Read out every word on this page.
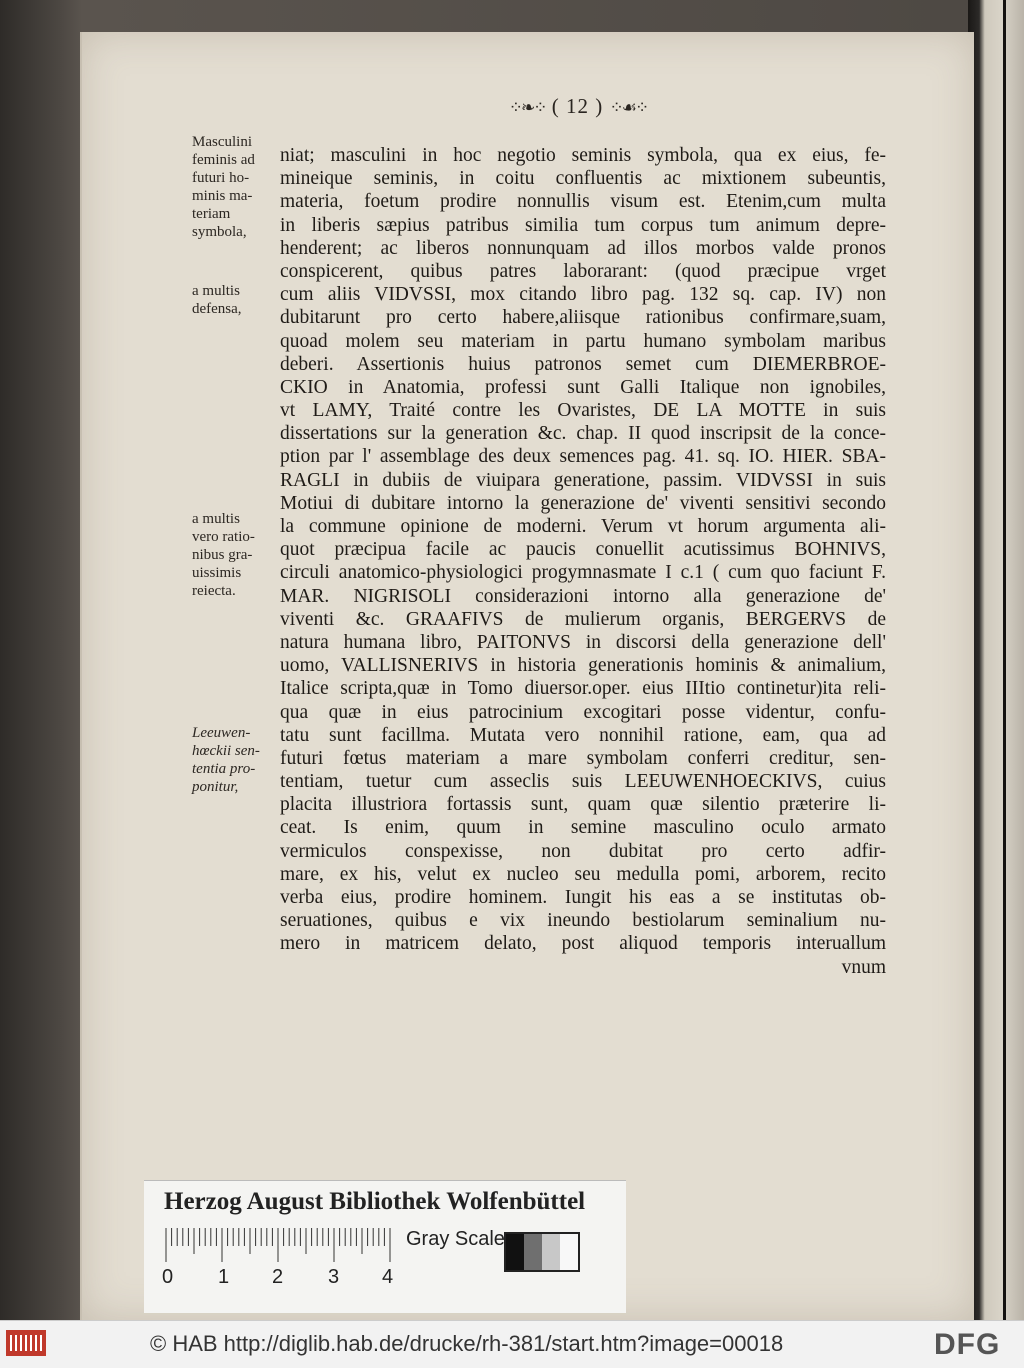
⁘❧⁘ ( 12 ) ⁘☙⁘
Masculini
feminis ad
futuri ho-
minis ma-
teriam
symbola,
a multis
defensa,
a multis
vero ratio-
nibus gra-
uissimis
reiecta.
Leeuwen-
hœckii sen-
tentia pro-
ponitur,
niat; masculini in hoc negotio seminis symbola, qua ex eius, fe-
mineique seminis, in coitu confluentis ac mixtionem subeuntis,
materia, foetum prodire nonnullis visum est. Etenim,cum multa
in liberis sæpius patribus similia tum corpus tum animum depre-
henderent; ac liberos nonnunquam ad illos morbos valde pronos
conspicerent, quibus patres laborarant: (quod præcipue vrget
cum aliis VIDVSSI, mox citando libro pag. 132 sq. cap. IV) non
dubitarunt pro certo habere,aliisque rationibus confirmare,suam,
quoad molem seu materiam in partu humano symbolam maribus
deberi. Assertionis huius patronos semet cum DIEMERBROE-
CKIO in Anatomia, professi sunt Galli Italique non ignobiles,
vt LAMY, Traité contre les Ovaristes, DE LA MOTTE in suis
dissertations sur la generation &c. chap. II quod inscripsit de la conce-
ption par l' assemblage des deux semences pag. 41. sq. IO. HIER. SBA-
RAGLI in dubiis de viuipara generatione, passim. VIDVSSI in suis
Motiui di dubitare intorno la generazione de' viventi sensitivi secondo
la commune opinione de moderni. Verum vt horum argumenta ali-
quot præcipua facile ac paucis conuellit acutissimus BOHNIVS,
circuli anatomico-physiologici progymnasmate I c.1 ( cum quo faciunt F.
MAR. NIGRISOLI considerazioni intorno alla generazione de'
viventi &c. GRAAFIVS de mulierum organis, BERGERVS de
natura humana libro, PAITONVS in discorsi della generazione dell'
uomo, VALLISNERIVS in historia generationis hominis & animalium,
Italice scripta,quæ in Tomo diuersor.oper. eius IIItio continetur)ita reli-
qua quæ in eius patrocinium excogitari posse videntur, confu-
tatu sunt facillma. Mutata vero nonnihil ratione, eam, qua ad
futuri fœtus materiam a mare symbolam conferri creditur, sen-
tentiam, tuetur cum asseclis suis LEEUWENHOECKIVS, cuius
placita illustriora fortassis sunt, quam quæ silentio præterire li-
ceat. Is enim, quum in semine masculino oculo armato
vermiculos conspexisse, non dubitat pro certo adfir-
mare, ex his, velut ex nucleo seu medulla pomi, arborem, recito
verba eius, prodire hominem. Iungit his eas a se institutas ob-
seruationes, quibus e vix ineundo bestiolarum seminalium nu-
mero in matricem delato, post aliquod temporis interuallum
vnum
Herzog August Bibliothek Wolfenbüttel
0 1 2 3 4
Gray Scale
© HAB http://diglib.hab.de/drucke/rh-381/start.htm?image=00018	DFG
